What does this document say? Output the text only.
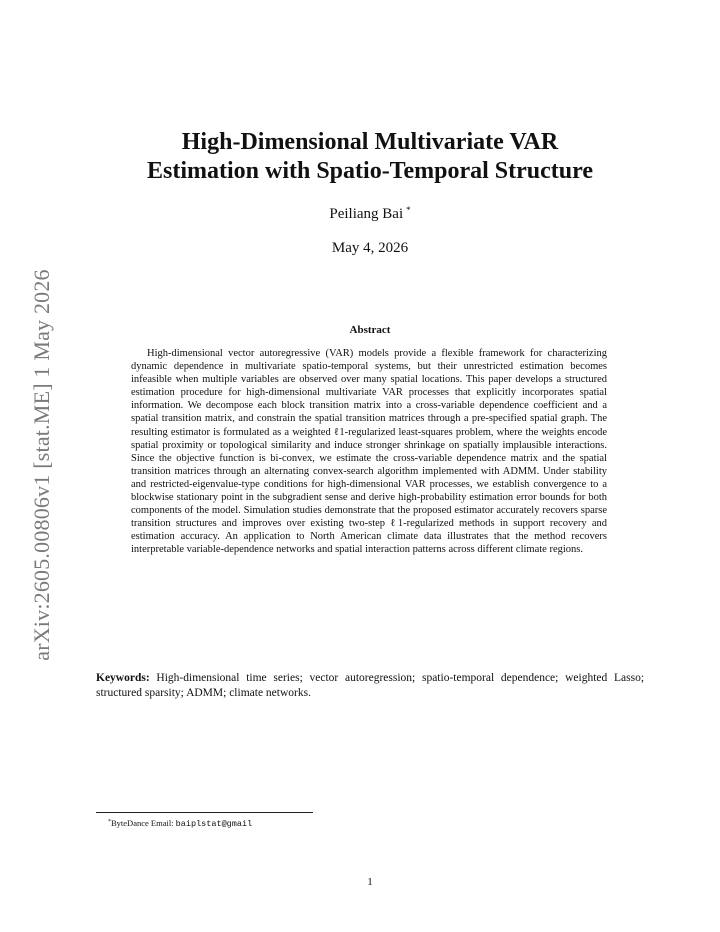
arXiv:2605.00806v1 [stat.ME] 1 May 2026
High-Dimensional Multivariate VAR
Estimation with Spatio-Temporal Structure
Peiliang Bai *
May 4, 2026
Abstract

High-dimensional vector autoregressive (VAR) models provide a flexible framework for characterizing dynamic dependence in multivariate spatio-temporal systems, but their unrestricted estimation becomes infeasible when multiple variables are observed over many spatial locations. This paper develops a structured estimation procedure for high-dimensional multivariate VAR processes that explicitly incorporates spatial information. We decompose each block transition matrix into a cross-variable dependence coefficient and a spatial transition matrix, and constrain the spatial transition matrices through a pre-specified spatial graph. The resulting estimator is formulated as a weighted ℓ1-regularized least-squares problem, where the weights encode spatial proximity or topological similarity and induce stronger shrinkage on spatially implausible interactions. Since the objective function is bi-convex, we estimate the cross-variable dependence matrix and the spatial transition matrices through an alternating convex-search algorithm implemented with ADMM. Under stability and restricted-eigenvalue-type conditions for high-dimensional VAR processes, we establish convergence to a blockwise stationary point in the subgradient sense and derive high-probability estimation error bounds for both components of the model. Simulation studies demonstrate that the proposed estimator accurately recovers sparse transition structures and improves over existing two-step ℓ1-regularized methods in support recovery and estimation accuracy. An application to North American climate data illustrates that the method recovers interpretable variable-dependence networks and spatial interaction patterns across different climate regions.

Keywords: High-dimensional time series; vector autoregression; spatio-temporal dependence; weighted Lasso; structured sparsity; ADMM; climate networks.

*ByteDance Email: baiplstat@gmail
1
